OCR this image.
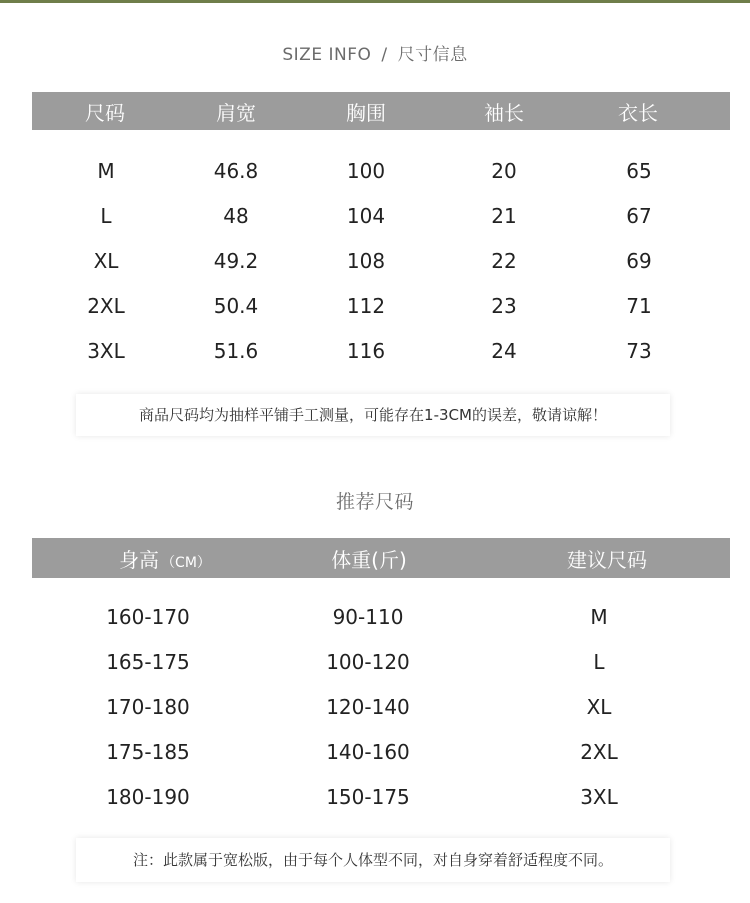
SIZE INFO / 尺寸信息
尺码	肩宽	胸围	袖长	衣长
M	46.8	100	20	65
L	48	104	21	67
XL	49.2	108	22	69
2XL	50.4	112	23	71
3XL	51.6	116	24	73
商品尺码均为抽样平铺手工测量，可能存在1-3CM的误差，敬请谅解！
推荐尺码
身高 （CM）	体重(斤)	建议尺码
160-170	90-110	M
165-175	100-120	L
170-180	120-140	XL
175-185	140-160	2XL
180-190	150-175	3XL
注：此款属于宽松版，由于每个人体型不同，对自身穿着舒适程度不同。
